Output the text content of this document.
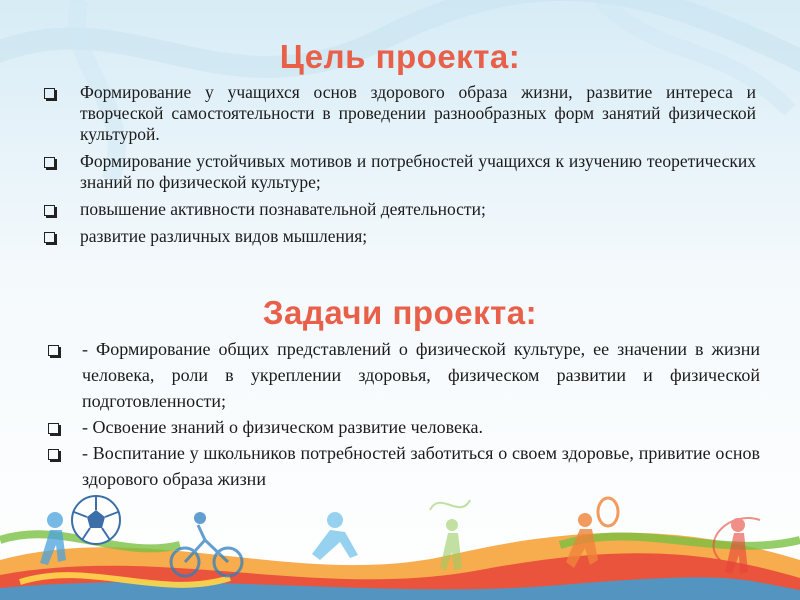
Цель проекта:
Формирование у учащихся основ здорового образа жизни, развитие интереса и творческой самостоятельности в проведении разнообразных форм занятий физической культурой.
Формирование устойчивых мотивов и потребностей учащихся к изучению теоретических знаний по физической культуре;
повышение активности познавательной деятельности;
развитие различных видов мышления;
Задачи проекта:
- Формирование общих представлений о физической культуре, ее значении в жизни человека, роли в укреплении здоровья, физическом развитии и физической подготовленности;
- Освоение знаний о физическом развитие человека.
- Воспитание у школьников потребностей заботиться о своем здоровье, привитие основ здорового образа жизни
